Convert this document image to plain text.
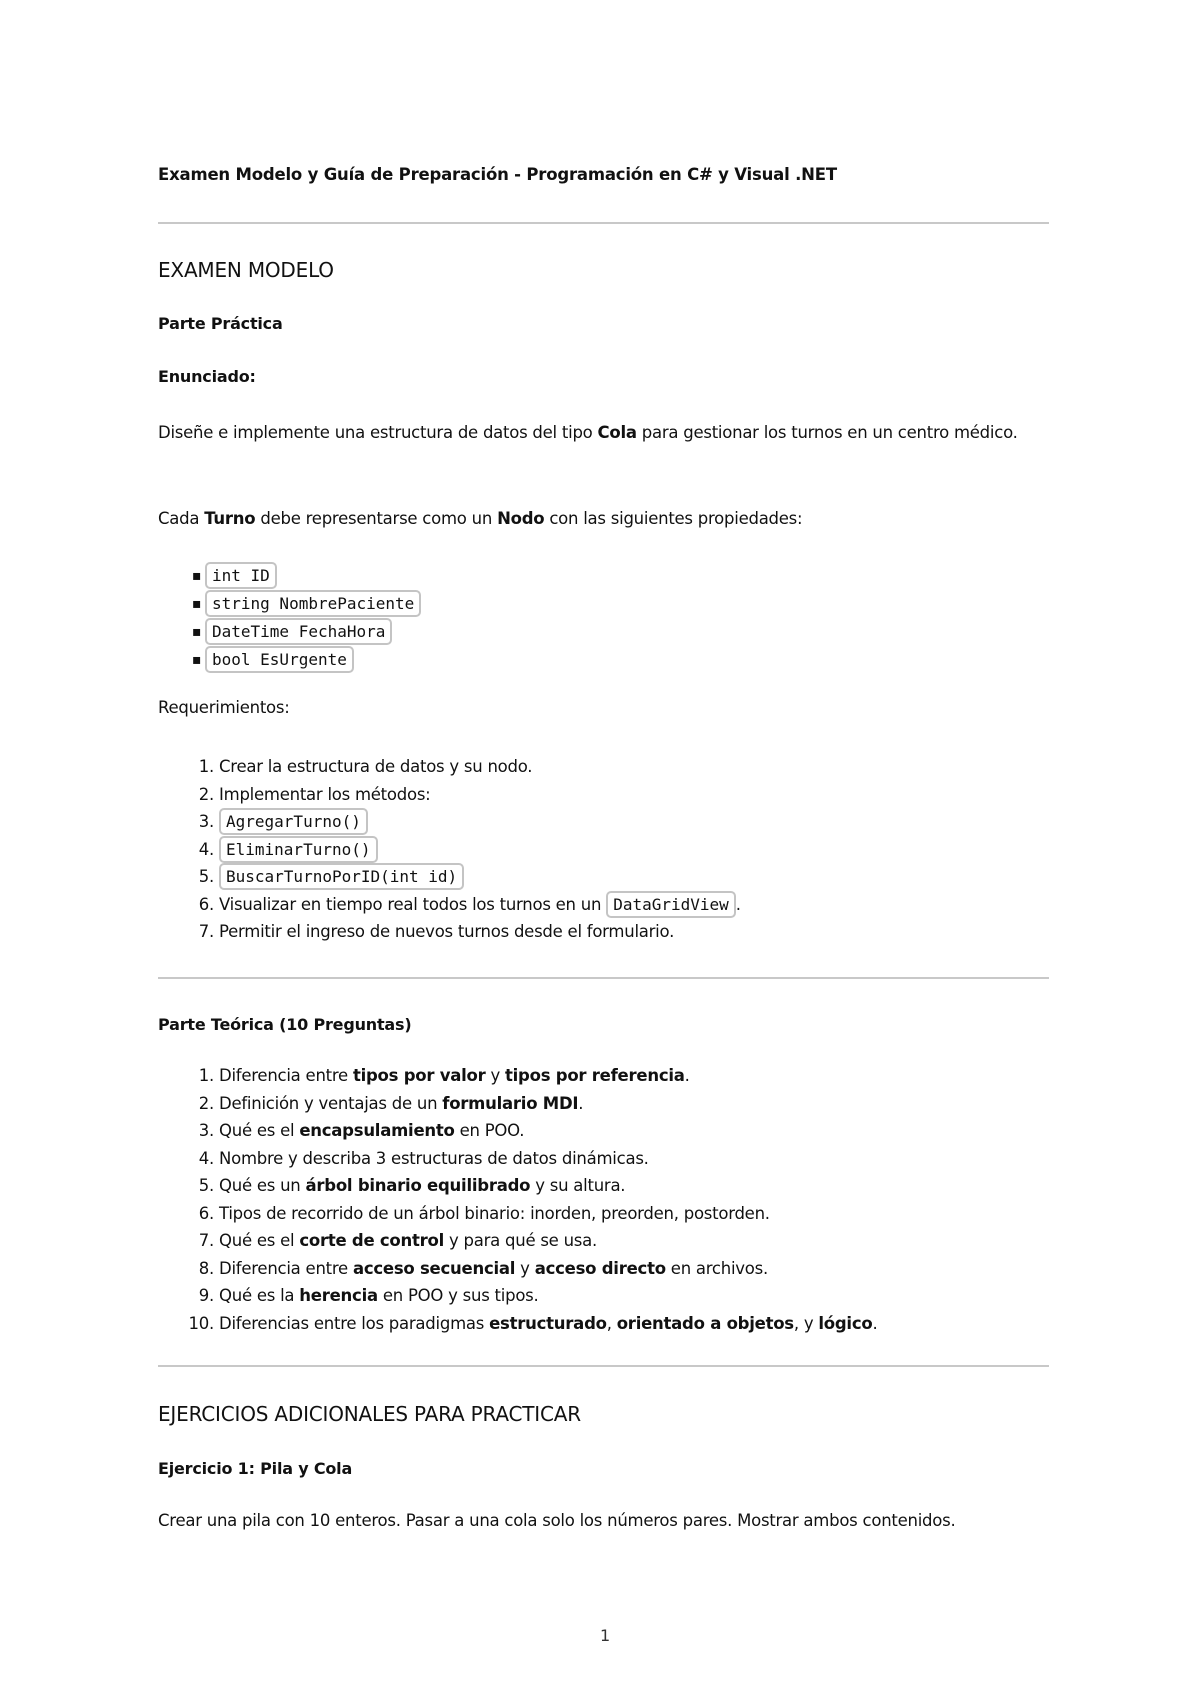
Examen Modelo y Guía de Preparación - Programación en C# y Visual .NET
EXAMEN MODELO
Parte Práctica
Enunciado:
Diseñe e implemente una estructura de datos del tipo Cola para gestionar los turnos en un centro médico.
Cada Turno debe representarse como un Nodo con las siguientes propiedades:
▪ int ID
▪ string NombrePaciente
▪ DateTime FechaHora
▪ bool EsUrgente
Requerimientos:
1. Crear la estructura de datos y su nodo.
2. Implementar los métodos:
3. AgregarTurno()
4. EliminarTurno()
5. BuscarTurnoPorID(int id)
6. Visualizar en tiempo real todos los turnos en un DataGridView .
7. Permitir el ingreso de nuevos turnos desde el formulario.
Parte Teórica (10 Preguntas)
1. Diferencia entre tipos por valor y tipos por referencia.
2. Definición y ventajas de un formulario MDI.
3. Qué es el encapsulamiento en POO.
4. Nombre y describa 3 estructuras de datos dinámicas.
5. Qué es un árbol binario equilibrado y su altura.
6. Tipos de recorrido de un árbol binario: inorden, preorden, postorden.
7. Qué es el corte de control y para qué se usa.
8. Diferencia entre acceso secuencial y acceso directo en archivos.
9. Qué es la herencia en POO y sus tipos.
10. Diferencias entre los paradigmas estructurado, orientado a objetos, y lógico.
EJERCICIOS ADICIONALES PARA PRACTICAR
Ejercicio 1: Pila y Cola
Crear una pila con 10 enteros. Pasar a una cola solo los números pares. Mostrar ambos contenidos.
1
